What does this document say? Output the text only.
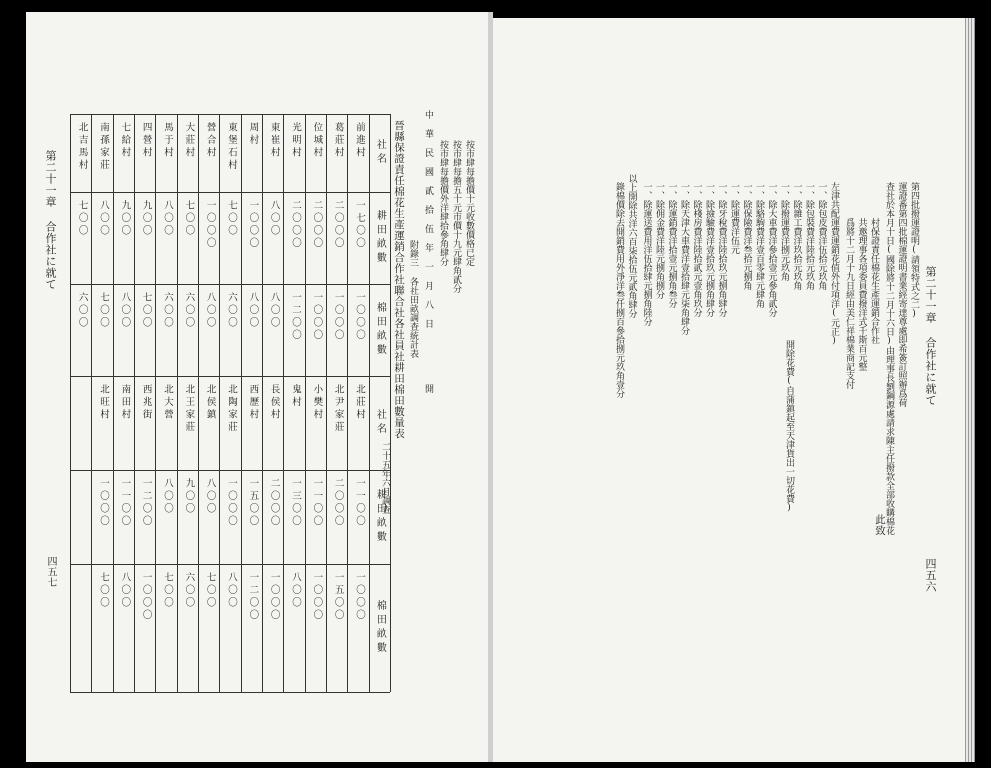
第二十一章 合作社に就て
四五六
第四批撥運證明(請領特式之二)
運證番第四批棉運證明書業經寄達尊處即希簽訂照辦爲荷
查社於本月十日(國除將十二月十六日)由理事長劉鋼源處請求陳主任撥款全部收購棉花
村保證責任棉花生產運銷合作社
共邀理事各項委員費撥洋式千斯百元整
爲將十二月十九日經由美仁祥棉業商記支付
左津共配運費運銷花值外付項洋(元正)
一、除包皮費洋伍拾元玖角
一、除包裝費洋陸拾元玖角
一、除雜工費洋玖拾元玖角
一、除撥運費洋捌元玖角
一、除大車費洋參拾壹元參角貳分
一、除駱駒費洋壹百零肆元肆角
一、除保險費洋叁拾元捌角
一、除運費洋伍元
一、除牙稅費洋陸拾玖元捌角肆分
一、除撿驗費洋壹拾玖元捌角肆分
一、除棧房費洋陸拾貳元壹角玖分
一、除天津大車費洋壹拾肆元柒角肆分
一、除運銷費洋拾壹元捌角叁分
一、除佣金費洋陸元捌角捌分
一、除運送費用洋伍拾肆元捌角陸分
以上開除共洋六百柒拾伍元貳角肆分
錄棉價除去開銷費用外淨洋叁仟捌百參拾捌元玖角壹分
此致
開除花費(自蒲鎮起至天津貨出一切花費)
第二十一章 合作社に就て
四五七
按市肆每擔價十元收數價格已定
按市肆每擔五十元市價十九元肆角貳分
按市肆每擔價外洋肆拾參角肆分
中 華 民 國 貳 拾 伍 年 一 月 八 日
開
附錄三 各社田畝調查統計表
晉縣保證責任棉花生產運銷合作社聯合社各社員社耕田棉田數量表
二十五年六月調查
社名
耕田畝數
棉田畝數
社名
耕田畝數
棉田畝數
前進村
一七〇〇
一〇〇〇
北莊村
一一〇〇
一〇〇〇
葛莊村
二〇〇〇
一〇〇〇
北尹家莊
二〇〇〇
一五〇〇
位城村
二〇〇〇
一〇〇〇
小樊村
一一〇〇
一〇〇〇
光明村
二〇〇〇
一二〇〇
鬼村
一三〇〇
八〇〇
東崔村
八〇〇
八〇〇
長侯村
二〇〇〇
一〇〇〇
周村
一〇〇〇
八〇〇
西歷村
一五〇〇
一二〇〇
東堡石村
七〇〇
六〇〇
北陶家莊
一〇〇〇
八〇〇
營合村
一〇〇〇
八〇〇
北侯鎮
八〇〇
七〇〇
大莊村
七〇〇
六〇〇
北王家莊
九〇〇
六〇〇
馬于村
八〇〇
六〇〇
北大營
八〇〇
七〇〇
四營村
九〇〇
七〇〇
西兆街
一二〇〇
一〇〇〇
七給村
九〇〇
八〇〇
南田村
一一〇〇
八〇〇
南孫家莊
八〇〇
七〇〇
北旺村
一〇〇〇
七〇〇
北吉馬村
七〇〇
六〇〇
